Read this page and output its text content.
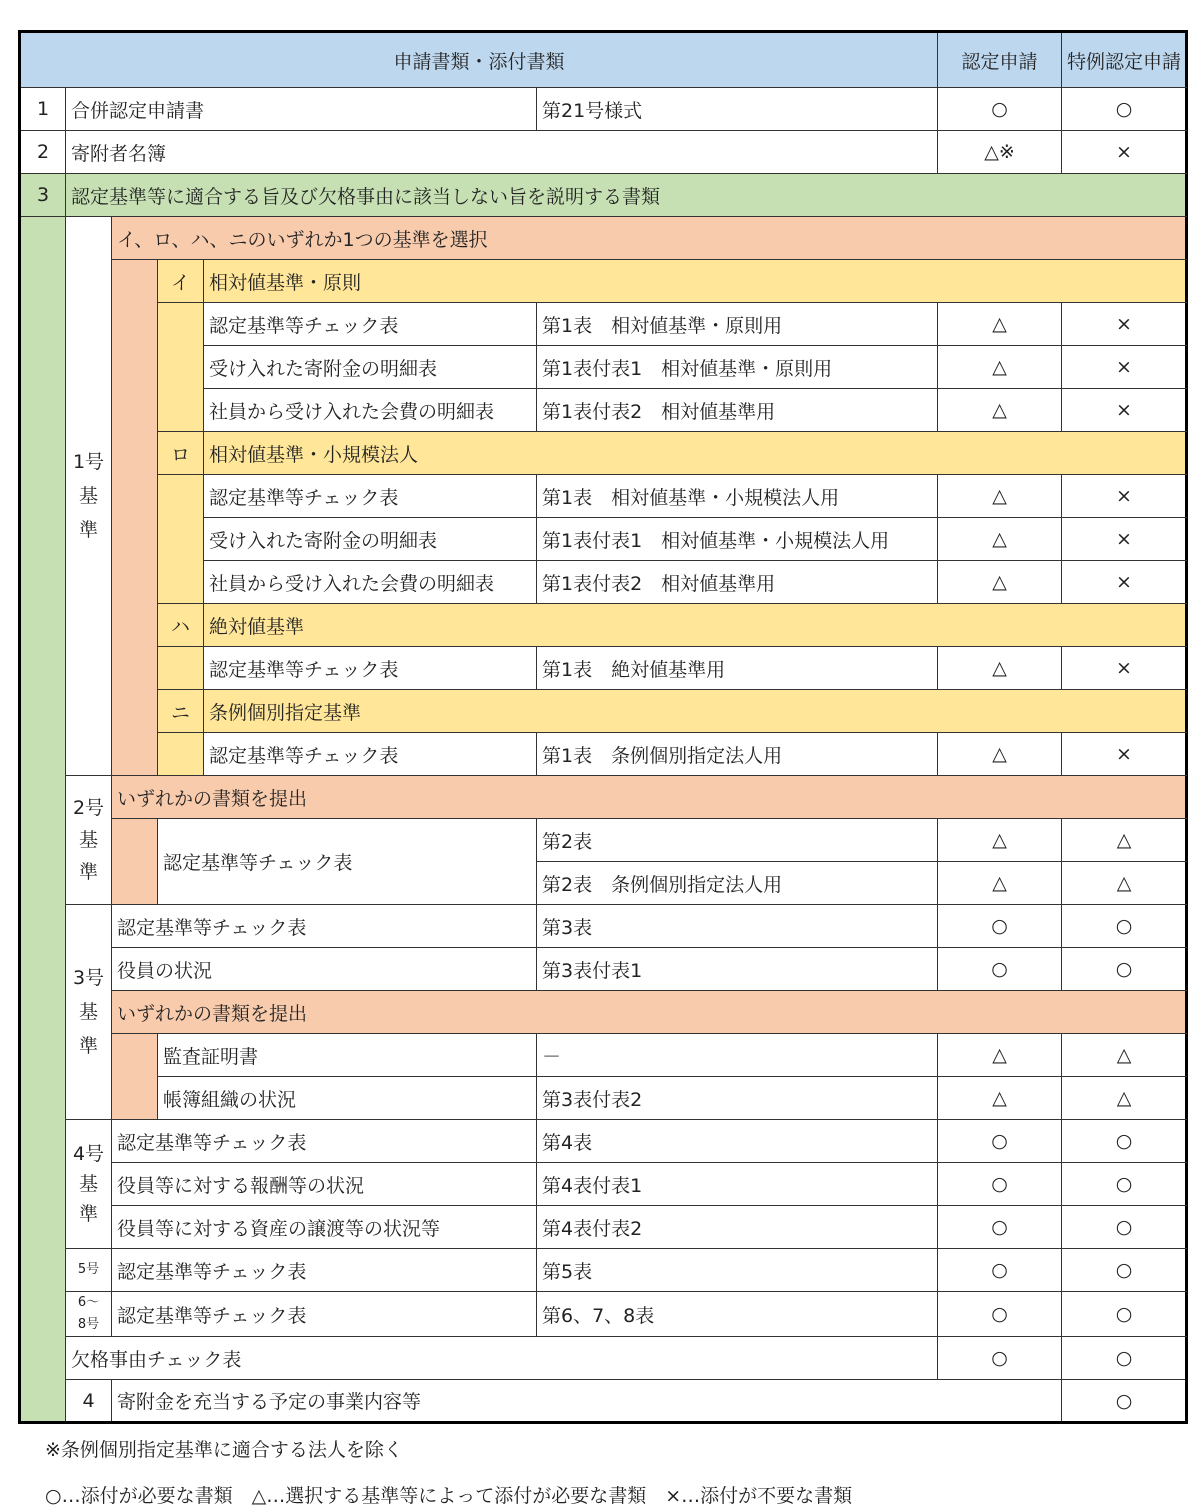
申請書類・添付書類						認定申請	特例認定申請	
1	合併認定申請書				第21号様式	○	○	
2	寄附者名簿					△※	×	
3	認定基準等に適合する旨及び欠格事由に該当しない旨を説明する書類							
	1号基準	イ、ロ、ハ、ニのいずれか1つの基準を選択						
			イ	相対値基準・原則				
				認定基準等チェック表	第1表　相対値基準・原則用	△	×	
				受け入れた寄附金の明細表	第1表付表1　相対値基準・原則用	△	×	
				社員から受け入れた会費の明細表	第1表付表2　相対値基準用	△	×	
			ロ	相対値基準・小規模法人				
				認定基準等チェック表	第1表　相対値基準・小規模法人用	△	×	
				受け入れた寄附金の明細表	第1表付表1　相対値基準・小規模法人用	△	×	
				社員から受け入れた会費の明細表	第1表付表2　相対値基準用	△	×	
			ハ	絶対値基準				
				認定基準等チェック表	第1表　絶対値基準用	△	×	
			ニ	条例個別指定基準				
				認定基準等チェック表	第1表　条例個別指定法人用	△	×	
	2号基準	いずれかの書類を提出						
			認定基準等チェック表		第2表	△	△	
					第2表　条例個別指定法人用	△	△	
	3号基準	認定基準等チェック表			第3表	○	○	
		役員の状況			第3表付表1	○	○	
		いずれかの書類を提出						
			監査証明書		－	△	△	
			帳簿組織の状況		第3表付表2	△	△	
	4号基準	認定基準等チェック表			第4表	○	○	
		役員等に対する報酬等の状況			第4表付表1	○	○	
		役員等に対する資産の譲渡等の状況等			第4表付表2	○	○	
	5号	認定基準等チェック表			第5表	○	○	
	6～8号	認定基準等チェック表			第6、7、8表	○	○	
	欠格事由チェック表					○	○	
	4	寄附金を充当する予定の事業内容等					○	
※条例個別指定基準に適合する法人を除く
○…添付が必要な書類　△…選択する基準等によって添付が必要な書類　×…添付が不要な書類
